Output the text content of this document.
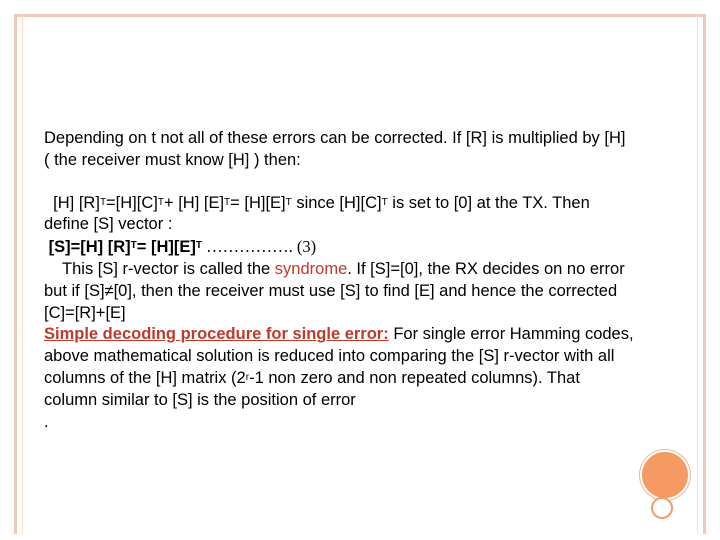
Depending on t not all of these errors can be corrected. If [R] is multiplied by [H]
( the receiver must know [H] ) then:

[H] $[R]^T=[H][C]^T+ [H]$ $[E]^T= [H][E]^T$ since $[H][C]^T$ is set to [0] at the TX. Then
define [S] vector :

[S]=[H] $[R]^T= [H][E]^T$ ……………. (3)

This [S] r-vector is called the syndrome. If [S]=[0], the RX decides on no error
but if [S]≠[0], then the receiver must use [S] to find [E] and hence the corrected
[C]=[R]+[E]

Simple decoding procedure for single error: For single error Hamming codes,
above mathematical solution is reduced into comparing the [S] r-vector with all
columns of the [H] matrix (2$^r$-1 non zero and non repeated columns). That
column similar to [S] is the position of error
.
